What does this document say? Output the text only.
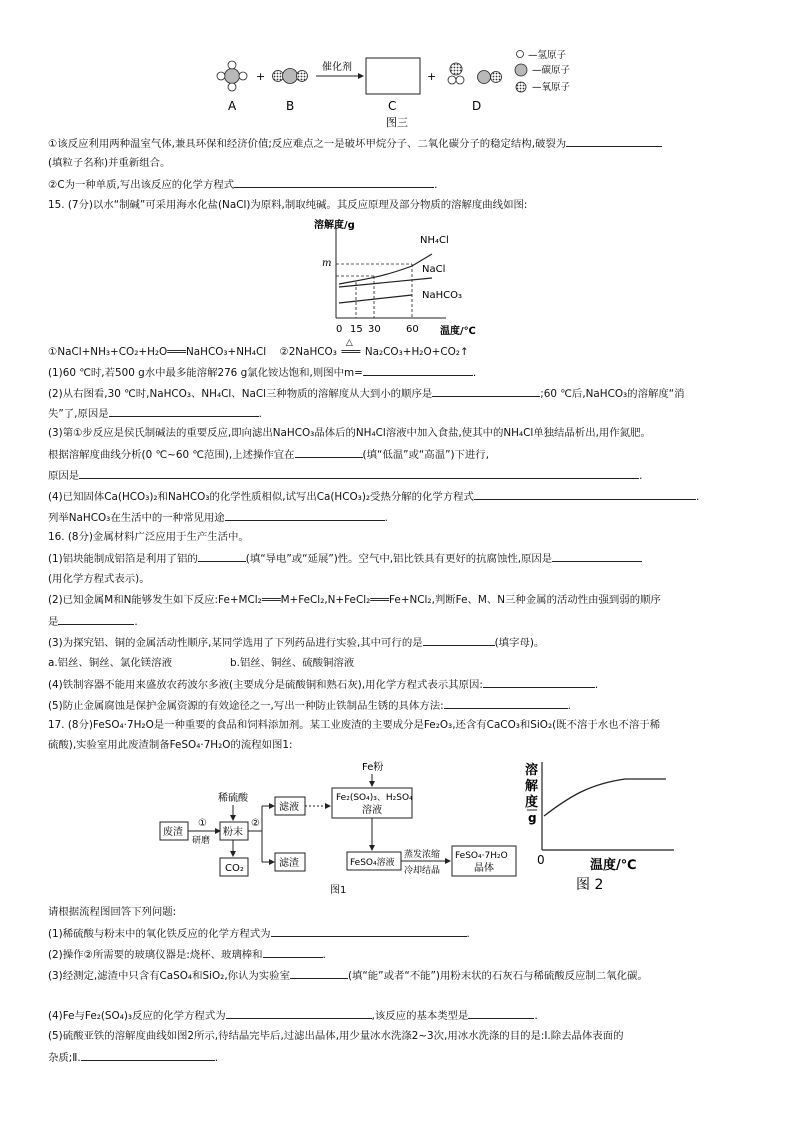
+
催化剂
+
A	B	C	D
图三
—氢原子
—碳原子
—氧原子
①该反应利用两种温室气体,兼具环保和经济价值;反应难点之一是破坏甲烷分子、二氧化碳分子的稳定结构,破裂为
(填粒子名称)并重新组合。
②C为一种单质,写出该反应的化学方程式	.
15. (7分)以水“制碱”可采用海水化盐(NaCl)为原料,制取纯碱。其反应原理及部分物质的溶解度曲线如图:
溶解度/g
m
NH₄Cl
NaCl
NaHCO₃
0 15 30	60 温度/℃
①NaCl+NH₃+CO₂+H₂O═══NaHCO₃+NH₄Cl ②2NaHCO₃
△
═══ Na₂CO₃+H₂O+CO₂↑
(1)60 ℃时,若500 g水中最多能溶解276 g氯化铵达饱和,则图中m=	.
(2)从右图看,30 ℃时,NaHCO₃、NH₄Cl、NaCl三种物质的溶解度从大到小的顺序是	;60 ℃后,NaHCO₃的溶解度“消
失”了,原因是	.
(3)第①步反应是侯氏制碱法的重要反应,即向滤出NaHCO₃晶体后的NH₄Cl溶液中加入食盐,使其中的NH₄Cl单独结晶析出,用作氮肥。
根据溶解度曲线分析(0 ℃~60 ℃范围),上述操作宜在	(填“低温”或“高温”)下进行,
原因是	.
(4)已知固体Ca(HCO₃)₂和NaHCO₃的化学性质相似,试写出Ca(HCO₃)₂受热分解的化学方程式	.
列举NaHCO₃在生活中的一种常见用途	.
16. (8分)金属材料广泛应用于生产生活中。
(1)铝块能制成铝箔是利用了铝的	(填“导电”或“延展”)性。空气中,铝比铁具有更好的抗腐蚀性,原因是
(用化学方程式表示)。
(2)已知金属M和N能够发生如下反应:Fe+MCl₂═══M+FeCl₂,N+FeCl₂═══Fe+NCl₂,判断Fe、M、N三种金属的活动性由强到弱的顺序
是	.
(3)为探究铝、铜的金属活动性顺序,某同学选用了下列药品进行实验,其中可行的是	(填字母)。
a.铝丝、铜丝、氯化镁溶液	b.铝丝、铜丝、硫酸铜溶液
(4)铁制容器不能用来盛放农药波尔多液(主要成分是硫酸铜和熟石灰),用化学方程式表示其原因:	.
(5)防止金属腐蚀是保护金属资源的有效途径之一,写出一种防止铁制品生锈的具体方法:	.
17. (8分)FeSO₄·7H₂O是一种重要的食品和饲料添加剂。某工业废渣的主要成分是Fe₂O₃,还含有CaCO₃和SiO₂(既不溶于水也不溶于稀
硫酸),实验室用此废渣制备FeSO₄·7H₂O的流程如图1:
废渣
①
研磨
稀硫酸
粉末
CO₂
②
滤液
滤渣
Fe粉
Fe₂(SO₄)₃、H₂SO₄
溶液
FeSO₄溶液
蒸发浓缩
冷却结晶
FeSO₄·7H₂O
晶体
图1
溶
解
度
g
0	温度/℃
图 2
请根据流程图回答下列问题:
(1)稀硫酸与粉末中的氧化铁反应的化学方程式为	.
(2)操作②所需要的玻璃仪器是:烧杯、玻璃棒和	.
(3)经测定,滤渣中只含有CaSO₄和SiO₂,你认为实验室	(填“能”或者“不能”)用粉末状的石灰石与稀硫酸反应制二氧化碳。
(4)Fe与Fe₂(SO₄)₃反应的化学方程式为	,该反应的基本类型是	.
(5)硫酸亚铁的溶解度曲线如图2所示,待结晶完毕后,过滤出晶体,用少量冰水洗涤2~3次,用冰水洗涤的目的是:Ⅰ.除去晶体表面的
杂质;Ⅱ.	.
